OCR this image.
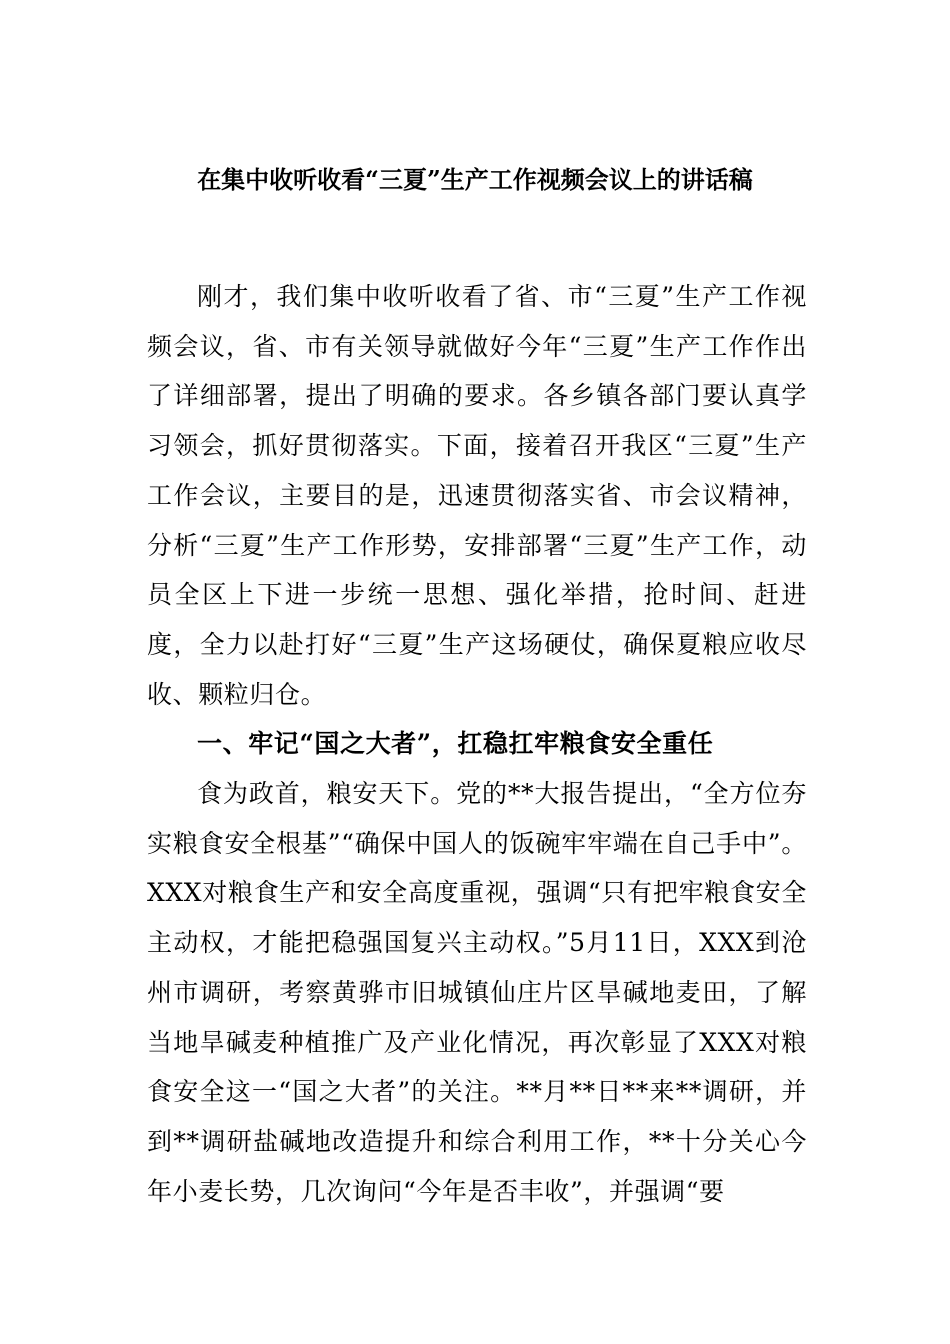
在集中收听收看“三夏”生产工作视频会议上的讲话稿

刚才，我们集中收听收看了省、市“三夏”生产工作视频会议，省、市有关领导就做好今年“三夏”生产工作作出了详细部署，提出了明确的要求。各乡镇各部门要认真学习领会，抓好贯彻落实。下面，接着召开我区“三夏”生产工作会议，主要目的是，迅速贯彻落实省、市会议精神，分析“三夏”生产工作形势，安排部署“三夏”生产工作，动员全区上下进一步统一思想、强化举措，抢时间、赶进度，全力以赴打好“三夏”生产这场硬仗，确保夏粮应收尽收、颗粒归仓。

一、牢记“国之大者”，扛稳扛牢粮食安全重任

食为政首，粮安天下。党的**大报告提出，“全方位夯实粮食安全根基”“确保中国人的饭碗牢牢端在自己手中”。XXX对粮食生产和安全高度重视，强调“只有把牢粮食安全主动权，才能把稳强国复兴主动权。”5月11日，XXX到沧州市调研，考察黄骅市旧城镇仙庄片区旱碱地麦田，了解当地旱碱麦种植推广及产业化情况，再次彰显了XXX对粮食安全这一“国之大者”的关注。**月**日**来**调研，并到**调研盐碱地改造提升和综合利用工作，**十分关心今年小麦长势，几次询问“今年是否丰收”，并强调“要
